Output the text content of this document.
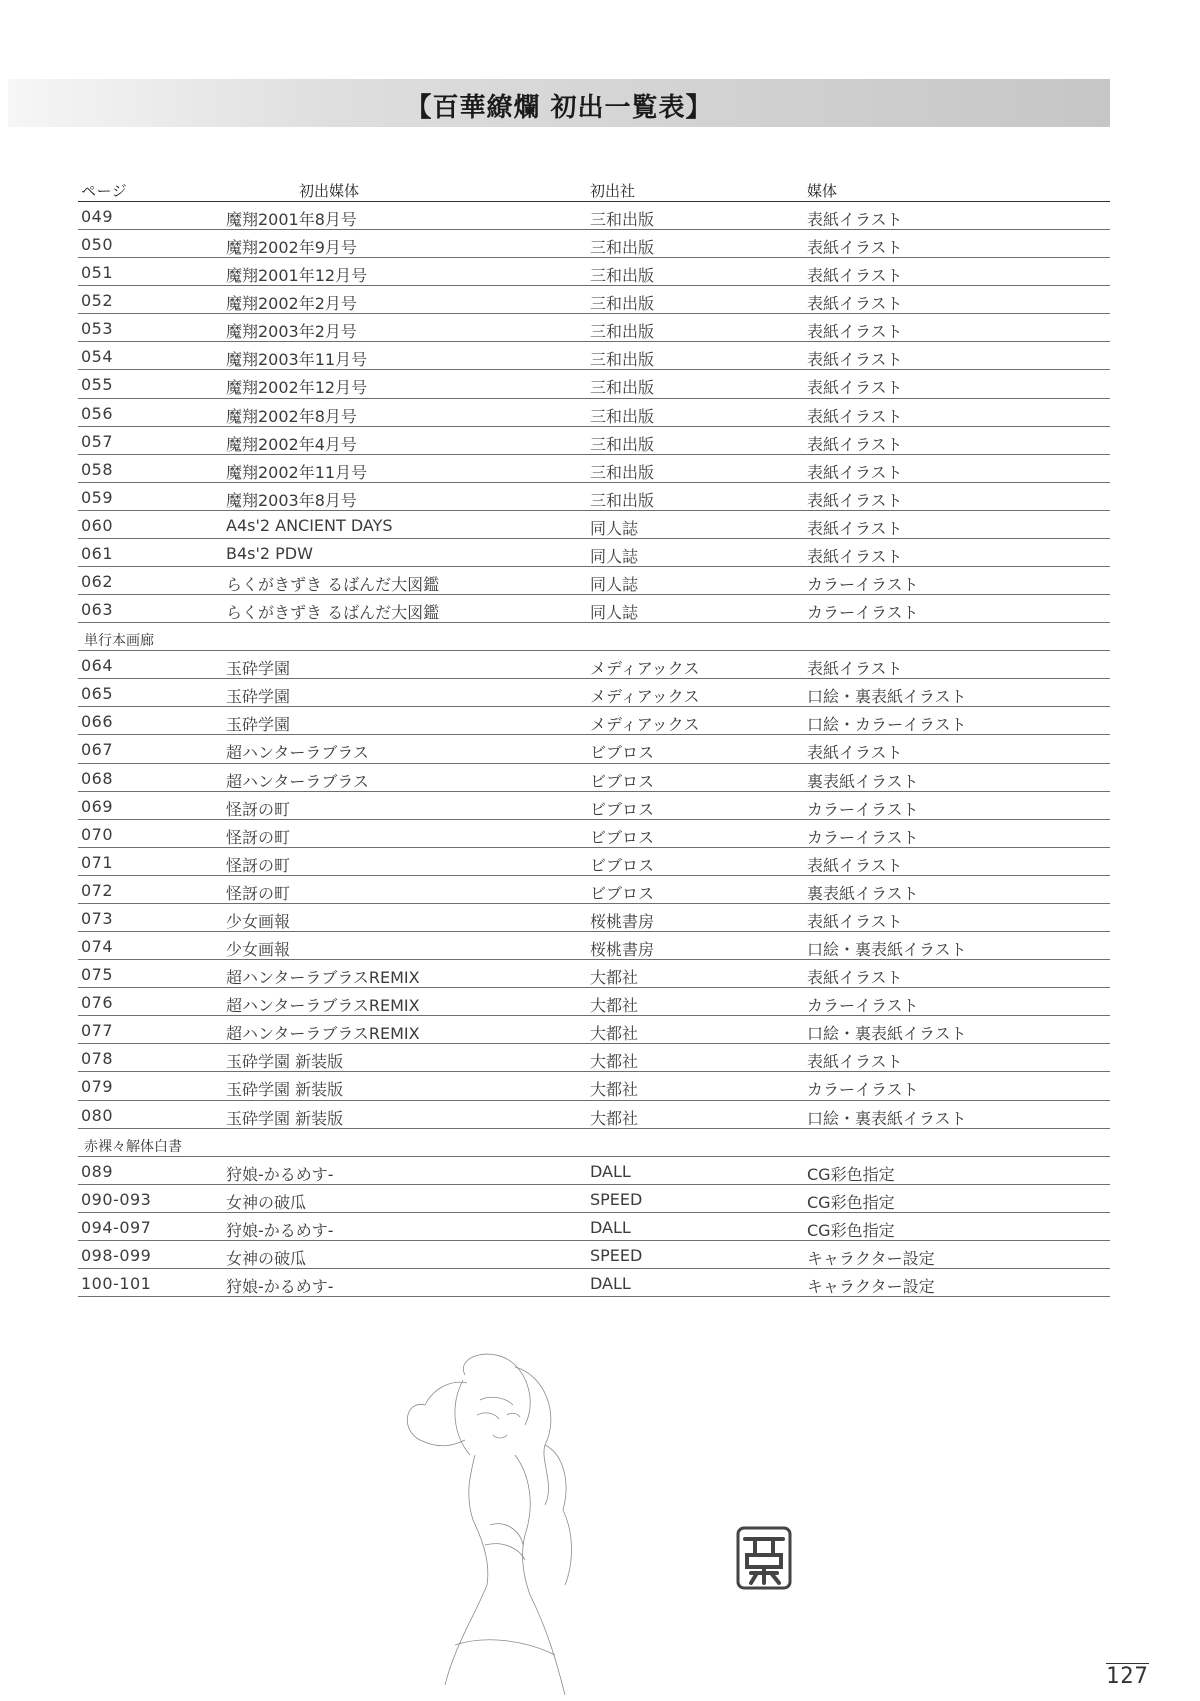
【百華繚爛 初出一覧表】
ページ	初出媒体	初出社	媒体
049	魔翔2001年8月号	三和出版	表紙イラスト
050	魔翔2002年9月号	三和出版	表紙イラスト
051	魔翔2001年12月号	三和出版	表紙イラスト
052	魔翔2002年2月号	三和出版	表紙イラスト
053	魔翔2003年2月号	三和出版	表紙イラスト
054	魔翔2003年11月号	三和出版	表紙イラスト
055	魔翔2002年12月号	三和出版	表紙イラスト
056	魔翔2002年8月号	三和出版	表紙イラスト
057	魔翔2002年4月号	三和出版	表紙イラスト
058	魔翔2002年11月号	三和出版	表紙イラスト
059	魔翔2003年8月号	三和出版	表紙イラスト
060	A4s'2 ANCIENT DAYS	同人誌	表紙イラスト
061	B4s'2 PDW	同人誌	表紙イラスト
062	らくがきずき るばんだ大図鑑	同人誌	カラーイラスト
063	らくがきずき るばんだ大図鑑	同人誌	カラーイラスト
単行本画廊
064	玉砕学園	メディアックス	表紙イラスト
065	玉砕学園	メディアックス	口絵・裏表紙イラスト
066	玉砕学園	メディアックス	口絵・カラーイラスト
067	超ハンターラブラス	ビブロス	表紙イラスト
068	超ハンターラブラス	ビブロス	裏表紙イラスト
069	怪訝の町	ビブロス	カラーイラスト
070	怪訝の町	ビブロス	カラーイラスト
071	怪訝の町	ビブロス	表紙イラスト
072	怪訝の町	ビブロス	裏表紙イラスト
073	少女画報	桜桃書房	表紙イラスト
074	少女画報	桜桃書房	口絵・裏表紙イラスト
075	超ハンターラブラスREMIX	大都社	表紙イラスト
076	超ハンターラブラスREMIX	大都社	カラーイラスト
077	超ハンターラブラスREMIX	大都社	口絵・裏表紙イラスト
078	玉砕学園 新装版	大都社	表紙イラスト
079	玉砕学園 新装版	大都社	カラーイラスト
080	玉砕学園 新装版	大都社	口絵・裏表紙イラスト
赤裸々解体白書
089	狩娘-かるめす-	DALL	CG彩色指定
090-093	女神の破瓜	SPEED	CG彩色指定
094-097	狩娘-かるめす-	DALL	CG彩色指定
098-099	女神の破瓜	SPEED	キャラクター設定
100-101	狩娘-かるめす-	DALL	キャラクター設定
127
